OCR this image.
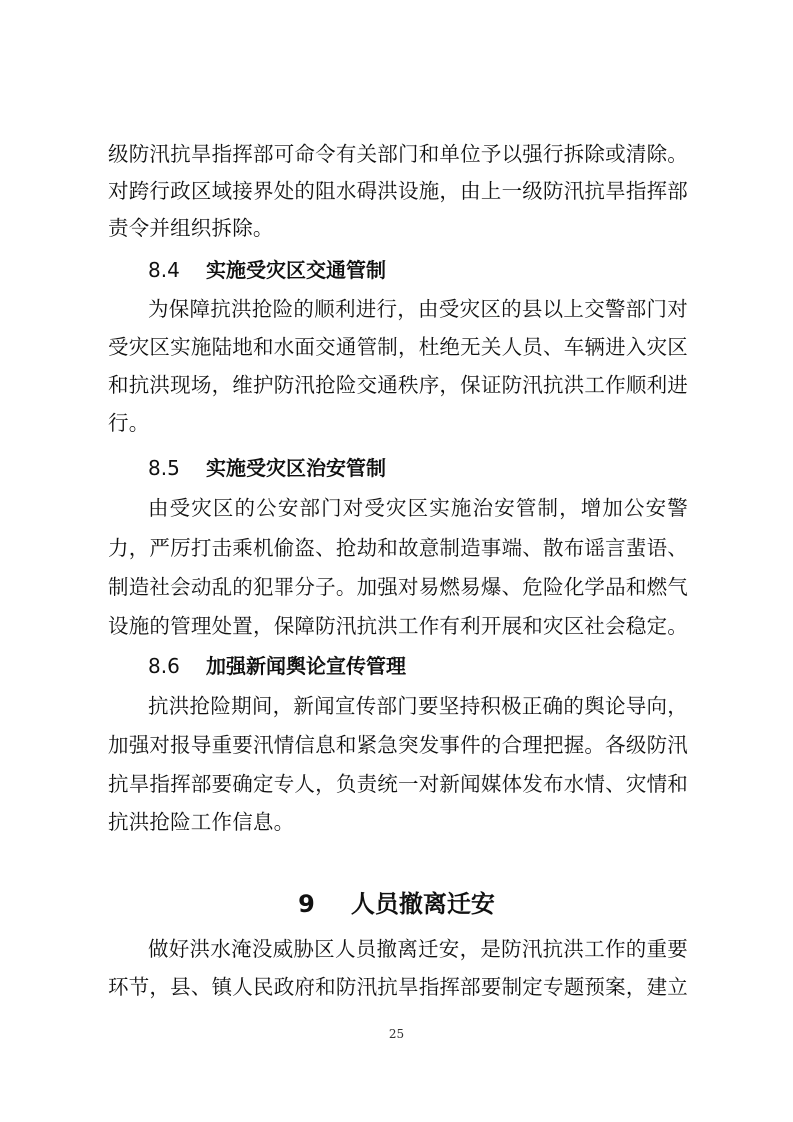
级防汛抗旱指挥部可命令有关部门和单位予以强行拆除或清除。
对跨行政区域接界处的阻水碍洪设施，由上一级防汛抗旱指挥部
责令并组织拆除。
8.4 实施受灾区交通管制
为保障抗洪抢险的顺利进行，由受灾区的县以上交警部门对
受灾区实施陆地和水面交通管制，杜绝无关人员、车辆进入灾区
和抗洪现场，维护防汛抢险交通秩序，保证防汛抗洪工作顺利进
行。
8.5 实施受灾区治安管制
由受灾区的公安部门对受灾区实施治安管制，增加公安警
力，严厉打击乘机偷盗、抢劫和故意制造事端、散布谣言蜚语、
制造社会动乱的犯罪分子。加强对易燃易爆、危险化学品和燃气
设施的管理处置，保障防汛抗洪工作有利开展和灾区社会稳定。
8.6 加强新闻舆论宣传管理
抗洪抢险期间，新闻宣传部门要坚持积极正确的舆论导向，
加强对报导重要汛情信息和紧急突发事件的合理把握。各级防汛
抗旱指挥部要确定专人，负责统一对新闻媒体发布水情、灾情和
抗洪抢险工作信息。
9 人员撤离迁安
做好洪水淹没威胁区人员撤离迁安，是防汛抗洪工作的重要
环节，县、镇人民政府和防汛抗旱指挥部要制定专题预案，建立
25
